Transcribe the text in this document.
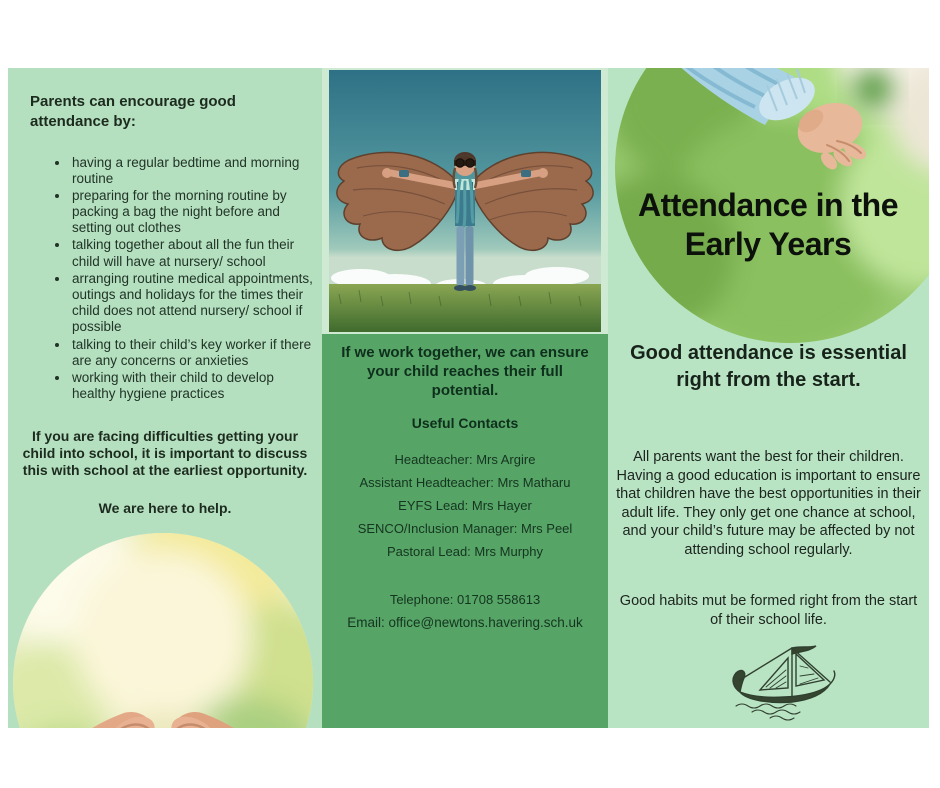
Parents can encourage good attendance by:
• having a regular bedtime and morning routine
• preparing for the morning routine by packing a bag the night before and setting out clothes
• talking together about all the fun their child will have at nursery/ school
• arranging routine medical appointments, outings and holidays for the times their child does not attend nursery/ school if possible
• talking to their child’s key worker if there are any concerns or anxieties
• working with their child to develop healthy hygiene practices
If you are facing difficulties getting your child into school, it is important to discuss this with school at the earliest opportunity.
We are here to help.
If we work together, we can ensure your child reaches their full potential.
Useful Contacts
Headteacher: Mrs Argire
Assistant Headteacher: Mrs Matharu
EYFS Lead: Mrs Hayer
SENCO/Inclusion Manager: Mrs Peel
Pastoral Lead: Mrs Murphy
Telephone: 01708 558613
Email: office@newtons.havering.sch.uk
Attendance in the Early Years
Good attendance is essential right from the start.
All parents want the best for their children. Having a good education is important to ensure that children have the best opportunities in their adult life. They only get one chance at school, and your child’s future may be affected by not attending school regularly.
Good habits mut be formed right from the start of their school life.
